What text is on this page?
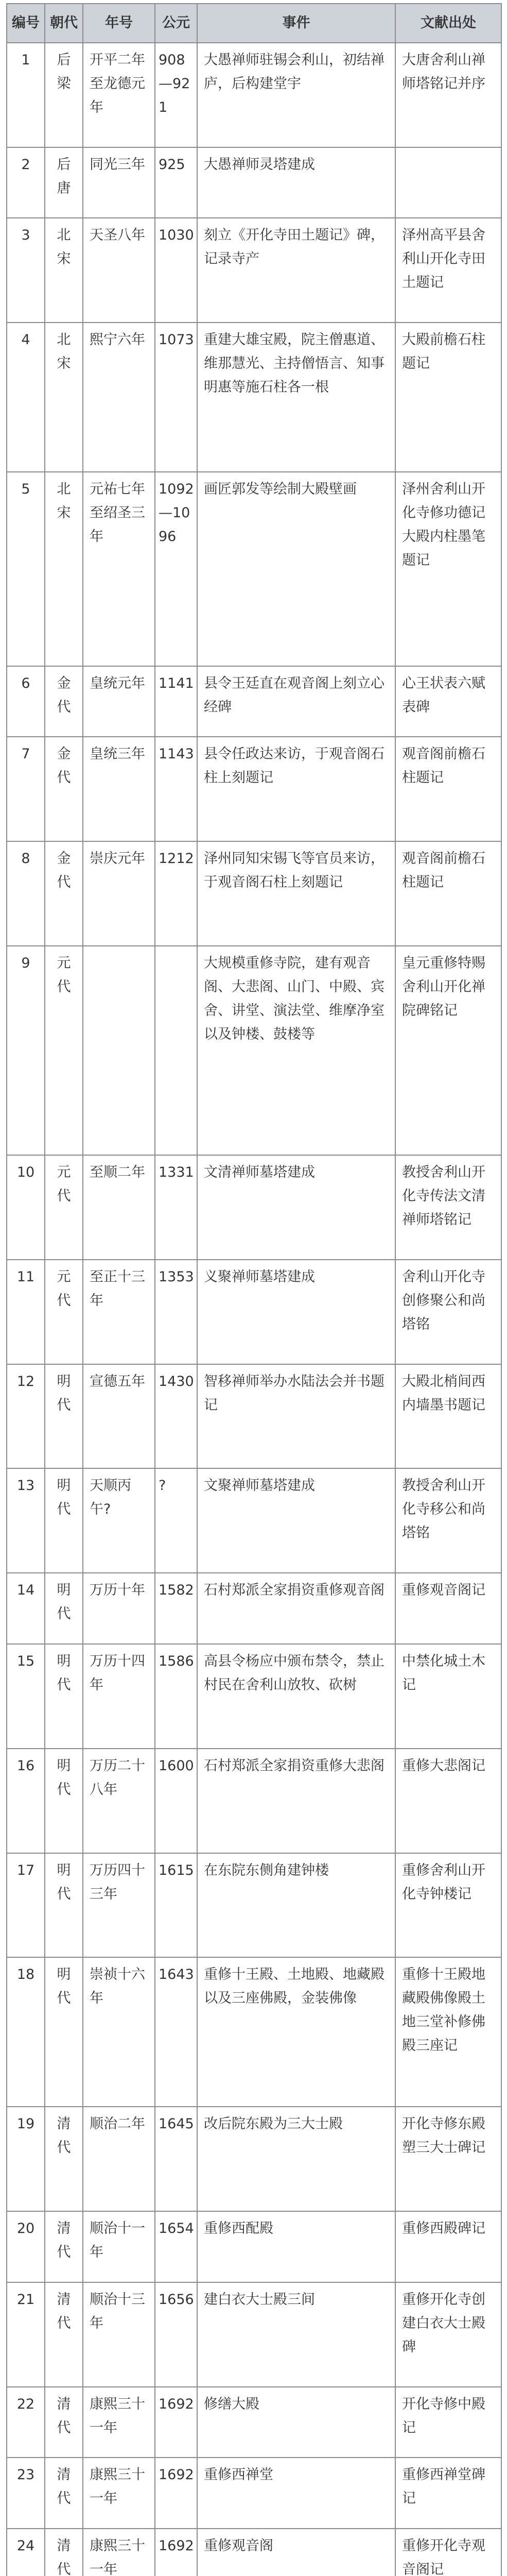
编号	朝代	年号	公元	事件	文献出处
1	后梁	开平二年至龙德元年	908—921	大愚禅师驻锡会利山，初结禅庐，后构建堂宇	大唐舍利山禅师塔铭记并序
2	后唐	同光三年	925	大愚禅师灵塔建成	
3	北宋	天圣八年	1030	刻立《开化寺田土题记》碑，记录寺产	泽州高平县舍利山开化寺田土题记
4	北宋	熙宁六年	1073	重建大雄宝殿，院主僧惠道、维那慧光、主持僧悟言、知事明惠等施石柱各一根	大殿前檐石柱题记
5	北宋	元祐七年至绍圣三年	1092—1096	画匠郭发等绘制大殿壁画	泽州舍利山开化寺修功德记 大殿内柱墨笔题记
6	金代	皇统元年	1141	县令王廷直在观音阁上刻立心经碑	心王状表六赋表碑
7	金代	皇统三年	1143	县令任政达来访，于观音阁石柱上刻题记	观音阁前檐石柱题记
8	金代	崇庆元年	1212	泽州同知宋锡飞等官员来访，于观音阁石柱上刻题记	观音阁前檐石柱题记
9	元代			大规模重修寺院，建有观音阁、大悲阁、山门、中殿、宾舍、讲堂、演法堂、维摩净室以及钟楼、鼓楼等	皇元重修特赐舍利山开化禅院碑铭记
10	元代	至顺二年	1331	文清禅师墓塔建成	教授舍利山开化寺传法文清禅师塔铭记
11	元代	至正十三年	1353	义聚禅师墓塔建成	舍利山开化寺创修聚公和尚塔铭
12	明代	宣德五年	1430	智移禅师举办水陆法会并书题记	大殿北梢间西内墙墨书题记
13	明代	天顺丙午?	?	文聚禅师墓塔建成	教授舍利山开化寺移公和尚塔铭
14	明代	万历十年	1582	石村郑派全家捐资重修观音阁	重修观音阁记
15	明代	万历十四年	1586	高县令杨应中颁布禁令，禁止村民在舍利山放牧、砍树	中禁化城土木记
16	明代	万历二十八年	1600	石村郑派全家捐资重修大悲阁	重修大悲阁记
17	明代	万历四十三年	1615	在东院东侧角建钟楼	重修舍利山开化寺钟楼记
18	明代	崇祯十六年	1643	重修十王殿、土地殿、地藏殿以及三座佛殿，金装佛像	重修十王殿地藏殿佛像殿土地三堂补修佛殿三座记
19	清代	顺治二年	1645	改后院东殿为三大士殿	开化寺修东殿塑三大士碑记
20	清代	顺治十一年	1654	重修西配殿	重修西殿碑记
21	清代	顺治十三年	1656	建白衣大士殿三间	重修开化寺创建白衣大士殿碑
22	清代	康熙三十一年	1692	修缮大殿	开化寺修中殿记
23	清代	康熙三十一年	1692	重修西禅堂	重修西禅堂碑记
24	清代	康熙三十一年	1692	重修观音阁	重修开化寺观音阁记
